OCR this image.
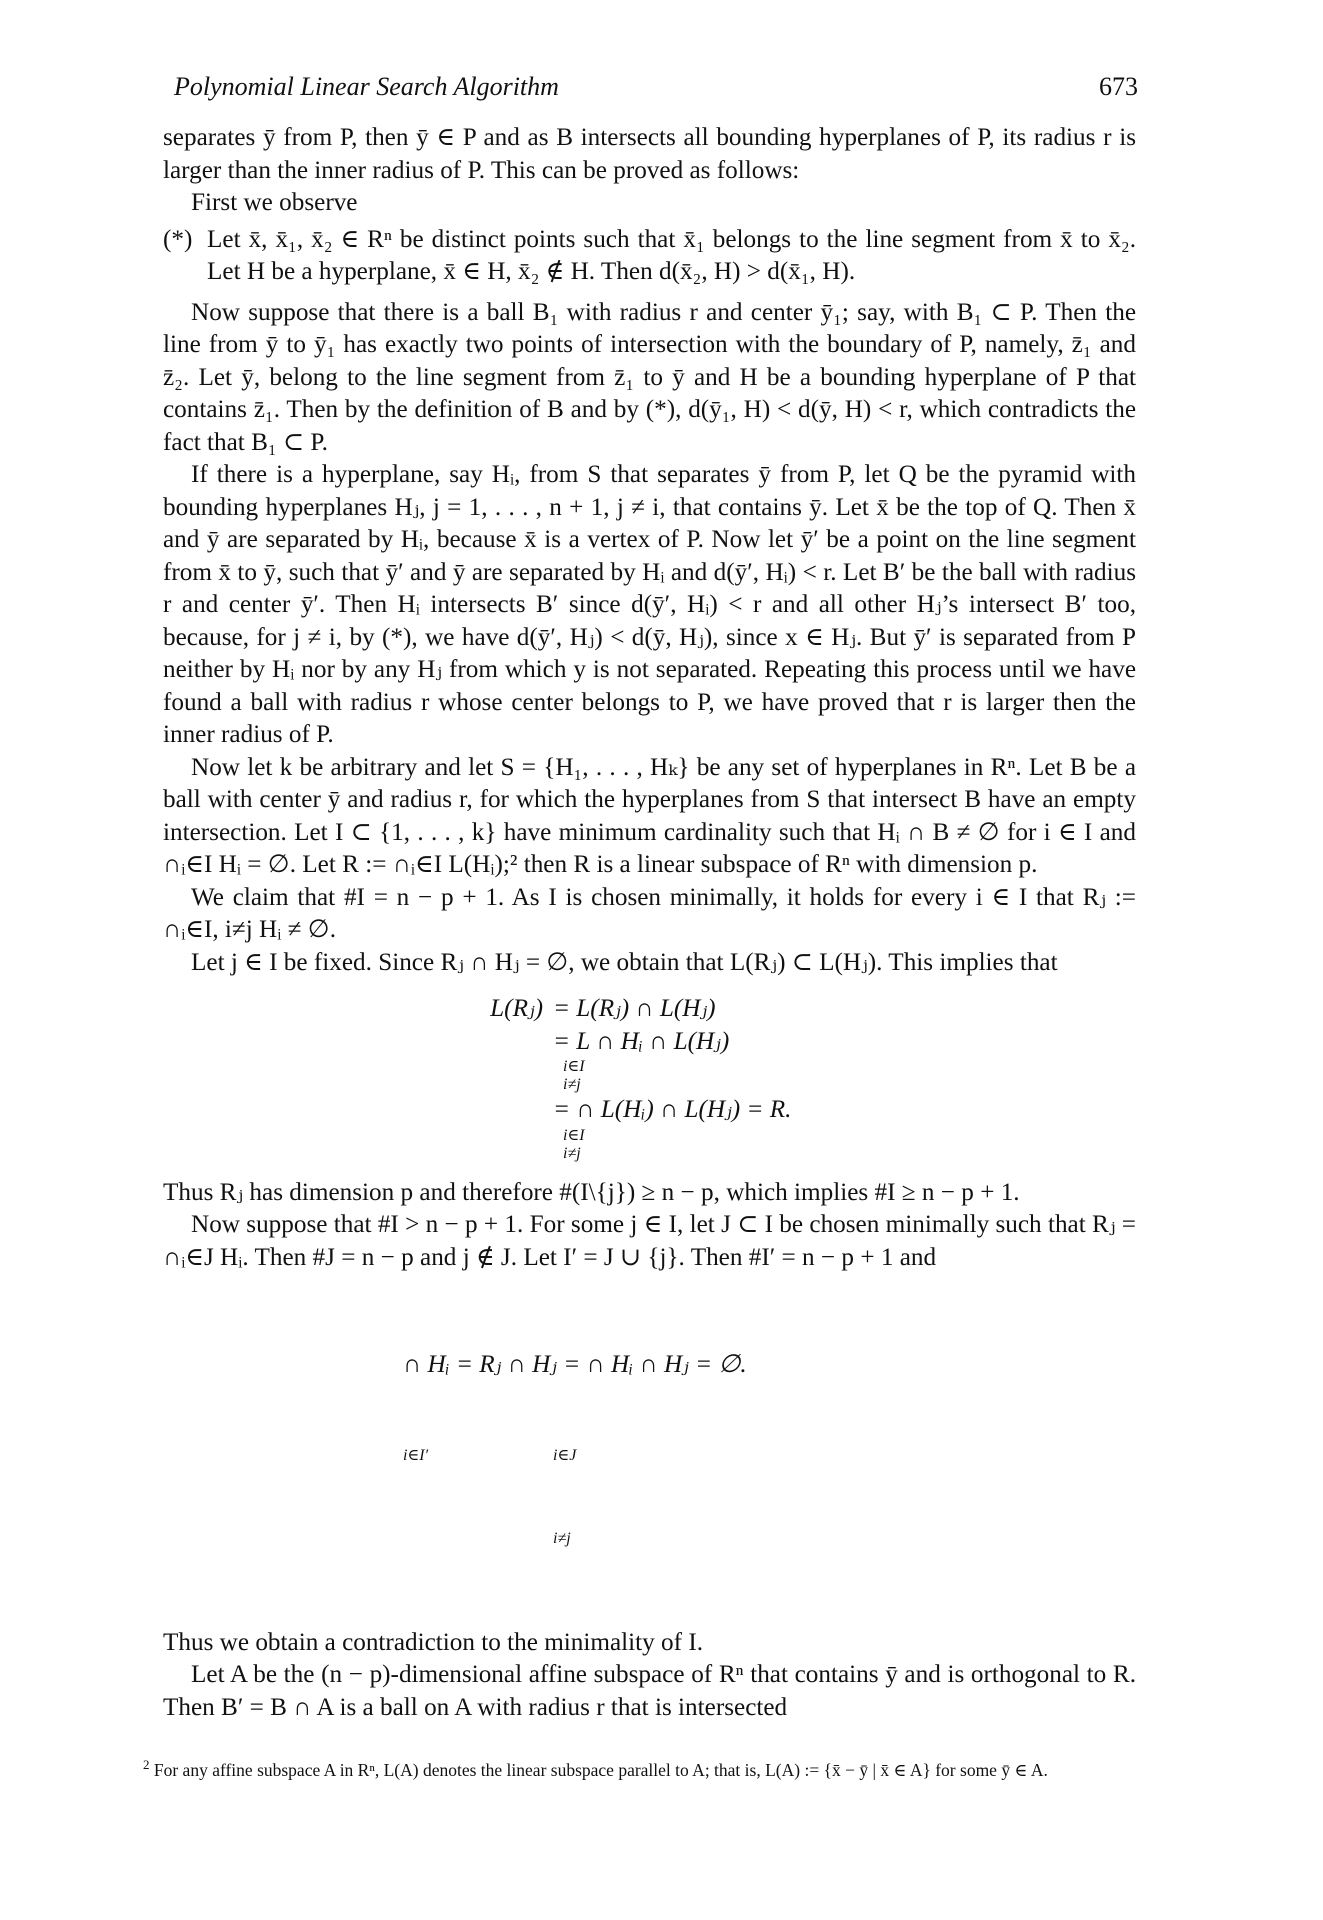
Polynomial Linear Search Algorithm	673

separates ȳ from P, then ȳ ∈ P and as B intersects all bounding hyperplanes of P, its radius r is larger than the inner radius of P. This can be proved as follows:

First we observe

(*) Let x̄, x̄₁, x̄₂ ∈ Rⁿ be distinct points such that x̄₁ belongs to the line segment from x̄ to x̄₂. Let H be a hyperplane, x̄ ∈ H, x̄₂ ∉ H. Then d(x̄₂, H) > d(x̄₁, H).

Now suppose that there is a ball B₁ with radius r and center ȳ₁; say, with B₁ ⊂ P. Then the line from ȳ to ȳ₁ has exactly two points of intersection with the boundary of P, namely, z̄₁ and z̄₂. Let ȳ, belong to the line segment from z̄₁ to ȳ and H be a bounding hyperplane of P that contains z̄₁. Then by the definition of B and by (*), d(ȳ₁, H) < d(ȳ, H) < r, which contradicts the fact that B₁ ⊂ P.

If there is a hyperplane, say Hᵢ, from S that separates ȳ from P, let Q be the pyramid with bounding hyperplanes Hⱼ, j = 1, . . . , n + 1, j ≠ i, that contains ȳ. Let x̄ be the top of Q. Then x̄ and ȳ are separated by Hᵢ, because x̄ is a vertex of P. Now let ȳ′ be a point on the line segment from x̄ to ȳ, such that ȳ′ and ȳ are separated by Hᵢ and d(ȳ′, Hᵢ) < r. Let B′ be the ball with radius r and center ȳ′. Then Hᵢ intersects B′ since d(ȳ′, Hᵢ) < r and all other Hⱼ’s intersect B′ too, because, for j ≠ i, by (*), we have d(ȳ′, Hⱼ) < d(ȳ, Hⱼ), since x ∈ Hⱼ. But ȳ′ is separated from P neither by Hᵢ nor by any Hⱼ from which y is not separated. Repeating this process until we have found a ball with radius r whose center belongs to P, we have proved that r is larger then the inner radius of P.

Now let k be arbitrary and let S = {H₁, . . . , Hₖ} be any set of hyperplanes in Rⁿ. Let B be a ball with center ȳ and radius r, for which the hyperplanes from S that intersect B have an empty intersection. Let I ⊂ {1, . . . , k} have minimum cardinality such that Hᵢ ∩ B ≠ ∅ for i ∈ I and ∩ᵢ∈I Hᵢ = ∅. Let R := ∩ᵢ∈I L(Hᵢ);² then R is a linear subspace of Rⁿ with dimension p.

We claim that #I = n − p + 1. As I is chosen minimally, it holds for every i ∈ I that Rⱼ := ∩ᵢ∈I, i≠j Hᵢ ≠ ∅.

Let j ∈ I be fixed. Since Rⱼ ∩ Hⱼ = ∅, we obtain that L(Rⱼ) ⊂ L(Hⱼ). This implies that

L(Rⱼ) = L(Rⱼ) ∩ L(Hⱼ)
= L ∩ Hᵢ ∩ L(Hⱼ)
i∈I
i≠j
= ∩ L(Hᵢ) ∩ L(Hⱼ) = R.
i∈I
i≠j

Thus Rⱼ has dimension p and therefore #(I\{j}) ≥ n − p, which implies #I ≥ n − p + 1.

Now suppose that #I > n − p + 1. For some j ∈ I, let J ⊂ I be chosen minimally such that Rⱼ = ∩ᵢ∈J Hᵢ. Then #J = n − p and j ∉ J. Let I′ = J ∪ {j}. Then #I′ = n − p + 1 and

∩ Hᵢ = Rⱼ ∩ Hⱼ = ∩ Hᵢ ∩ Hⱼ = ∅.

i∈I′	i∈J

i≠j

Thus we obtain a contradiction to the minimality of I.

Let A be the (n − p)-dimensional affine subspace of Rⁿ that contains ȳ and is orthogonal to R. Then B′ = B ∩ A is a ball on A with radius r that is intersected

$^2$ For any affine subspace A in Rⁿ, L(A) denotes the linear subspace parallel to A; that is, L(A) := {x̄ − ȳ | x̄ ∈ A} for some ȳ ∈ A.
